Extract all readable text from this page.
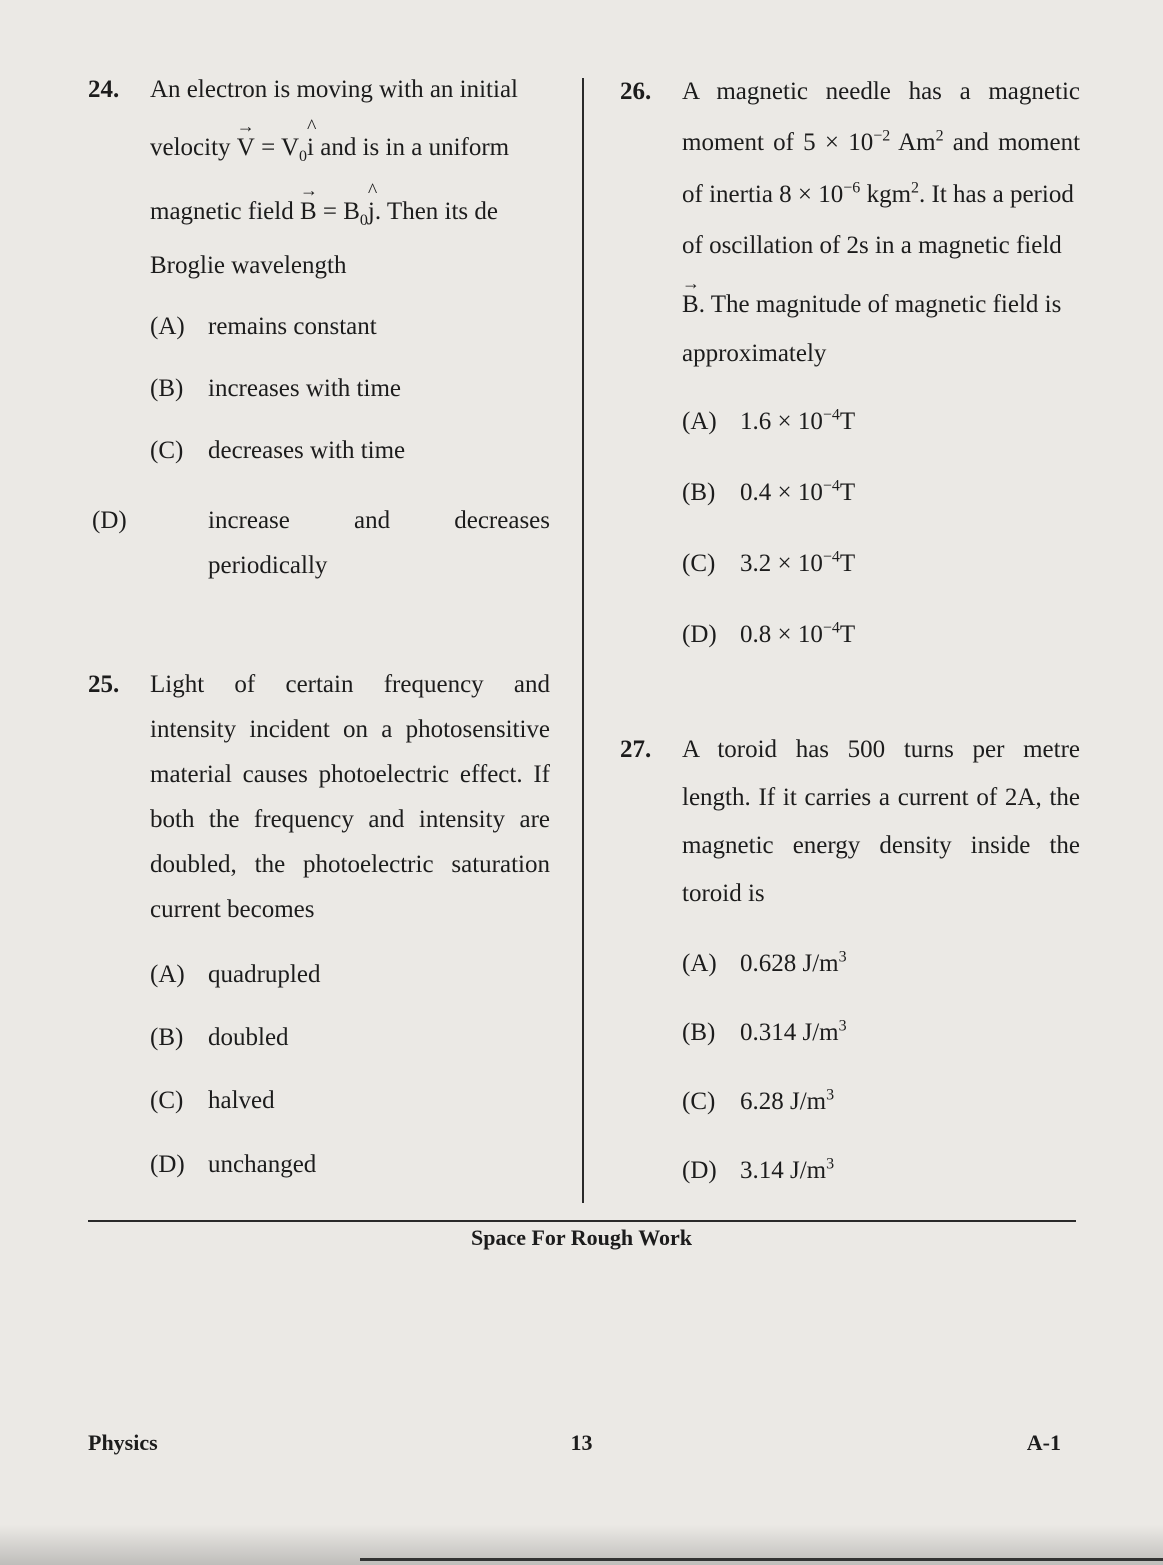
24. An electron is moving with an initial
velocity → $V = V_0\^{}$ i and is in a uniform
magnetic field → $B = B_0\^{}$ j. Then its de
Broglie wavelength
(A) remains constant
(B) increases with time
(C) decreases with time
(D)	increase and decreases periodically
25. Light of certain frequency and
intensity incident on a photosensitive
material causes photoelectric effect. If
both the frequency and intensity are
doubled, the photoelectric saturation
current becomes
(A) quadrupled
(B) doubled
(C) halved
(D) unchanged
26. A magnetic needle has a magnetic
moment of $5 \times 10^{-2}$ Am$^2$ and moment
of inertia $8 \times 10^{-6}$ kgm$^2$. It has a period
of oscillation of 2s in a magnetic field
→ B. The magnitude of magnetic field is
approximately
(A) $1.6 \times 10^{-4}T$
(B) $0.4 \times 10^{-4}T$
(C) $3.2 \times 10^{-4}T$
(D) $0.8 \times 10^{-4}T$
27. A toroid has 500 turns per metre
length. If it carries a current of 2A, the
magnetic energy density inside the
toroid is
(A) 0.628 $J/m^3$
(B) 0.314 $J/m^3$
(C) 6.28 $J/m^3$
(D) 3.14 $J/m^3$
Space For Rough Work
Physics	13	A-1
